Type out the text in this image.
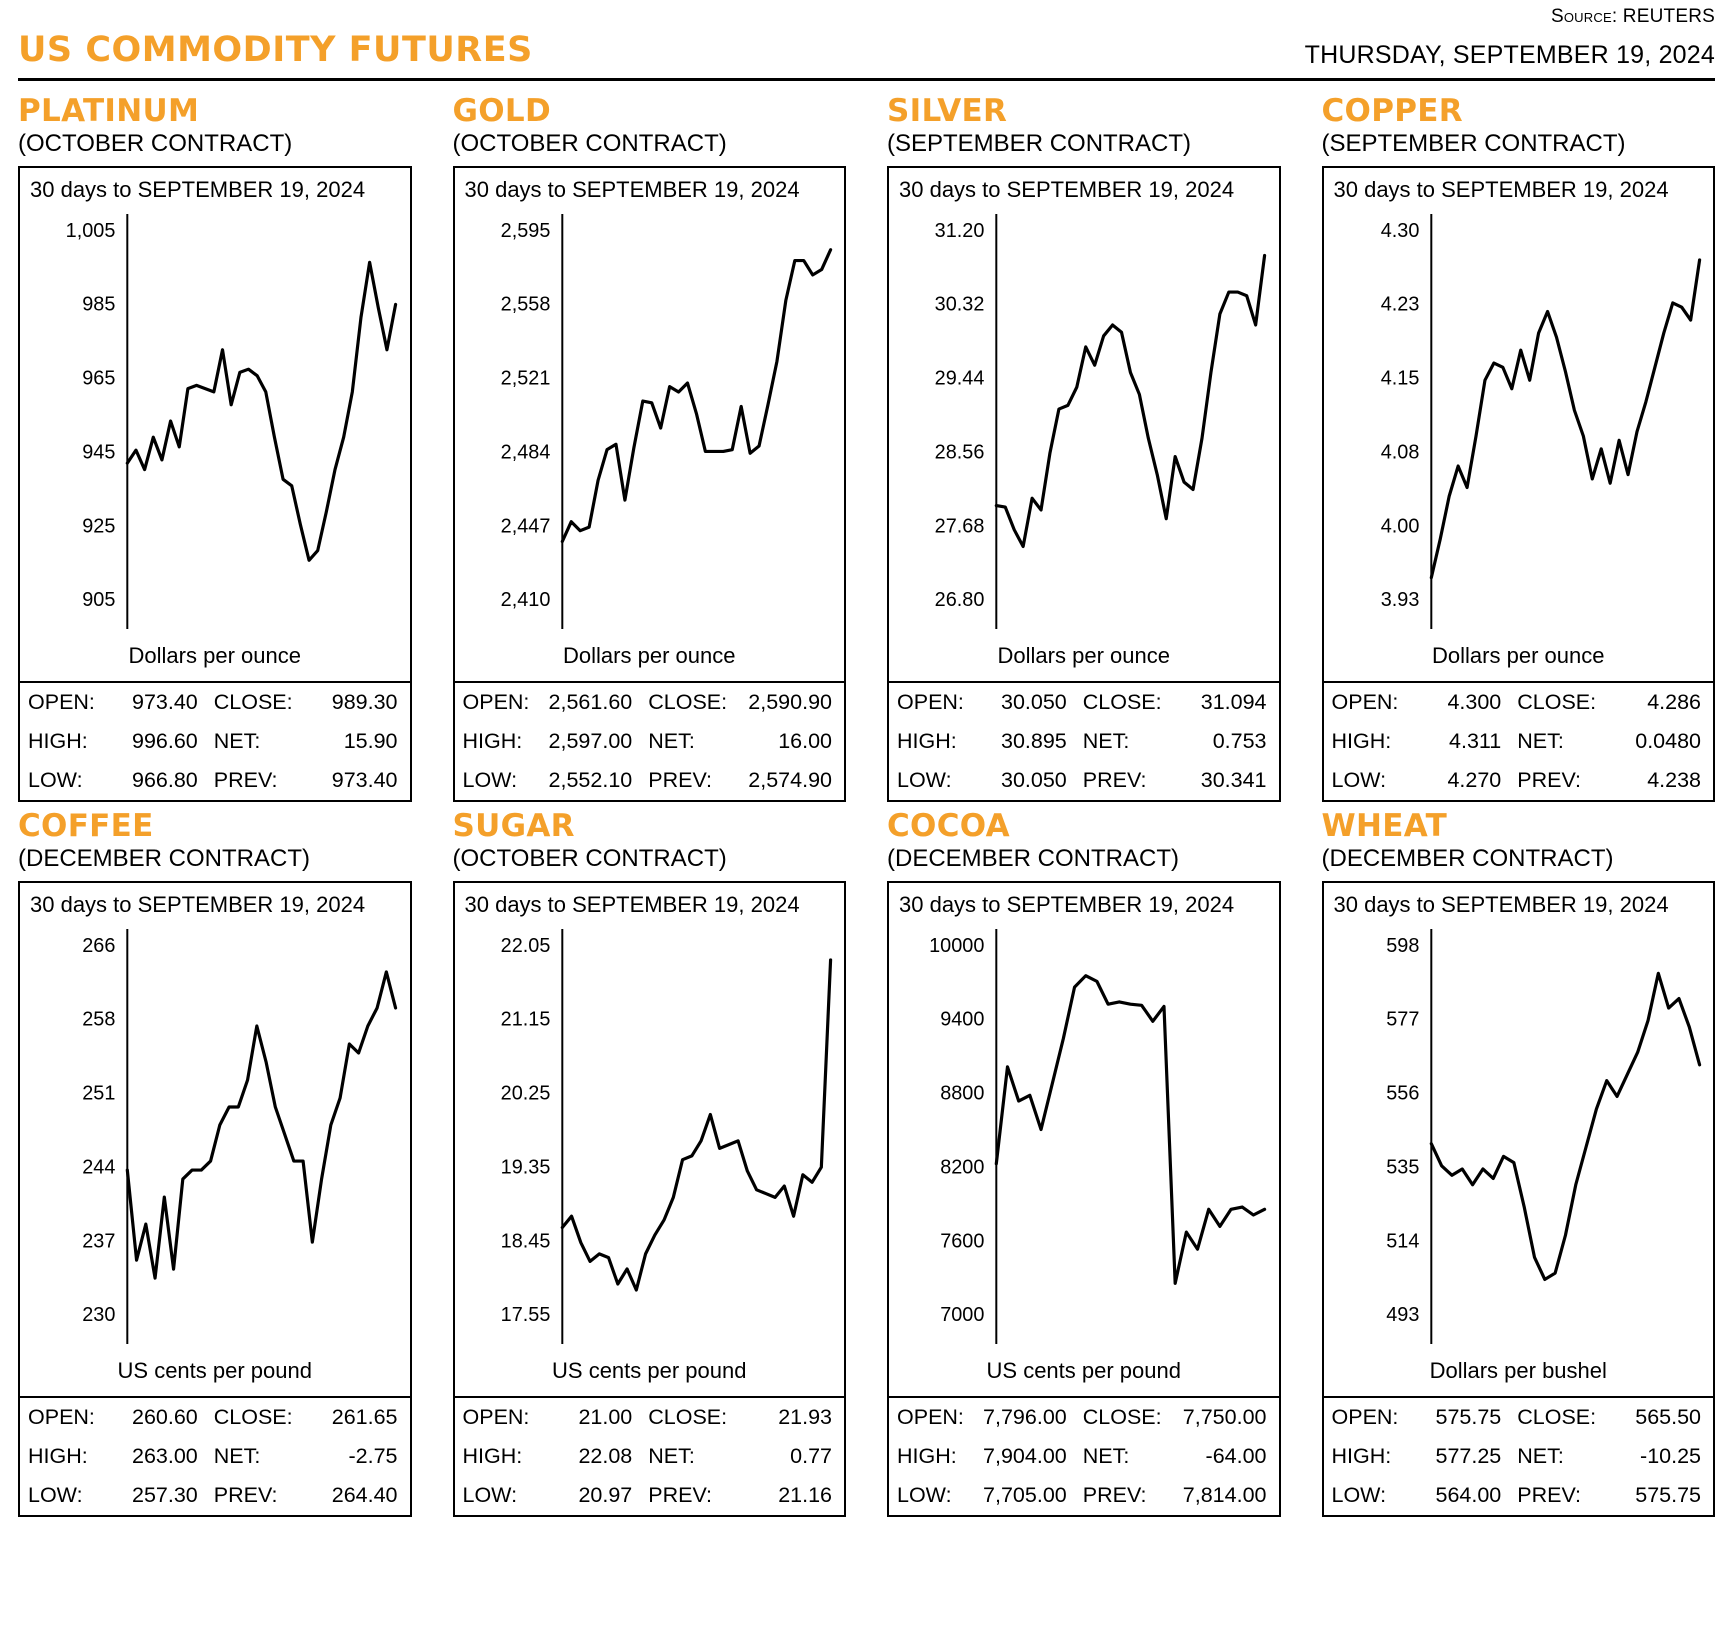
Source: REUTERS
US COMMODITY FUTURES	THURSDAY, SEPTEMBER 19, 2024
PLATINUM
(OCTOBER CONTRACT)
30 days to SEPTEMBER 19, 2024
1,005
985
965
945
925
905
Dollars per ounce
OPEN:	973.40 CLOSE:	989.30
HIGH:	996.60 NET:	15.90
LOW:	966.80 PREV:	973.40
GOLD
(OCTOBER CONTRACT)
30 days to SEPTEMBER 19, 2024
2,595
2,558
2,521
2,484
2,447
2,410
Dollars per ounce
OPEN: 2,561.60 CLOSE: 2,590.90
HIGH:	2,597.00 NET:	16.00
LOW:	2,552.10 PREV:	2,574.90
SILVER
(SEPTEMBER CONTRACT)
30 days to SEPTEMBER 19, 2024
31.20
30.32
29.44
28.56
27.68
26.80
Dollars per ounce
OPEN:	30.050 CLOSE:	31.094
HIGH:	30.895 NET:	0.753
LOW:	30.050 PREV:	30.341
COPPER
(SEPTEMBER CONTRACT)
30 days to SEPTEMBER 19, 2024
4.30
4.23
4.15
4.08
4.00
3.93
Dollars per ounce
OPEN:	4.300 CLOSE:	4.286
HIGH:	4.311 NET:	0.0480
LOW:	4.270 PREV:	4.238
COFFEE
(DECEMBER CONTRACT)
30 days to SEPTEMBER 19, 2024
266
258
251
244
237
230
US cents per pound
OPEN:	260.60 CLOSE:	261.65
HIGH:	263.00 NET:	-2.75
LOW:	257.30 PREV:	264.40
SUGAR
(OCTOBER CONTRACT)
30 days to SEPTEMBER 19, 2024
22.05
21.15
20.25
19.35
18.45
17.55
US cents per pound
OPEN:	21.00 CLOSE:	21.93
HIGH:	22.08 NET:	0.77
LOW:	20.97 PREV:	21.16
COCOA
(DECEMBER CONTRACT)
30 days to SEPTEMBER 19, 2024
10000
9400
8800
8200
7600
7000
US cents per pound
OPEN: 7,796.00 CLOSE: 7,750.00
HIGH:	7,904.00 NET:	-64.00
LOW:	7,705.00 PREV:	7,814.00
WHEAT
(DECEMBER CONTRACT)
30 days to SEPTEMBER 19, 2024
598
577
556
535
514
493
Dollars per bushel
OPEN:	575.75 CLOSE:	565.50
HIGH:	577.25 NET:	-10.25
LOW:	564.00 PREV:	575.75
